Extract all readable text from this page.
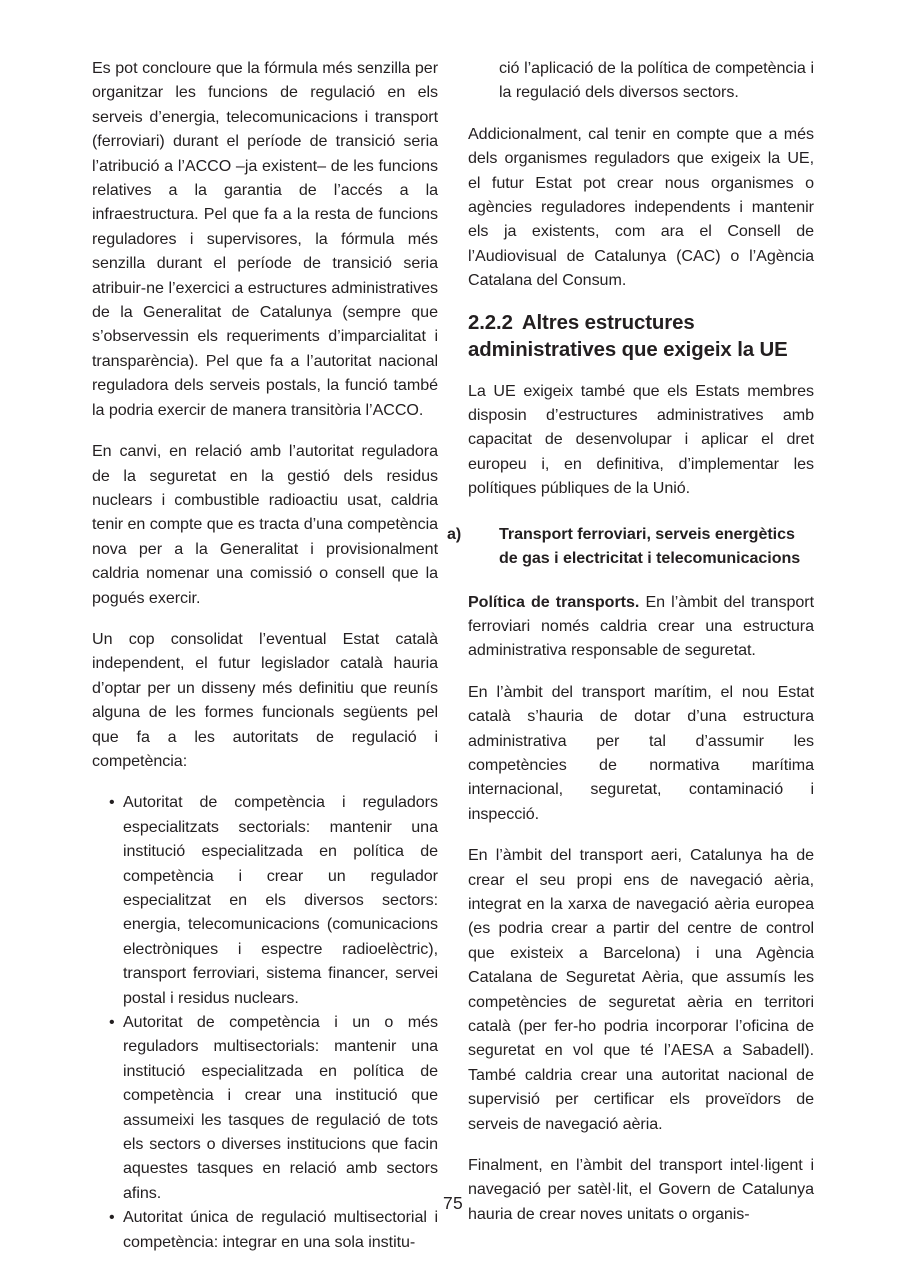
Es pot concloure que la fórmula més senzilla per organitzar les funcions de regulació en els serveis d’energia, telecomunicacions i transport (ferroviari) durant el període de transició seria l’atribució a l’ACCO –ja existent– de les funcions relatives a la garantia de l’accés a la infraestructura. Pel que fa a la resta de funcions reguladores i supervisores, la fórmula més senzilla durant el període de transició seria atribuir-ne l’exercici a estructures administratives de la Generalitat de Catalunya (sempre que s’observessin els requeriments d’imparcialitat i transparència). Pel que fa a l’autoritat nacional reguladora dels serveis postals, la funció també la podria exercir de manera transitòria l’ACCO.

En canvi, en relació amb l’autoritat reguladora de la seguretat en la gestió dels residus nuclears i combustible radioactiu usat, caldria tenir en compte que es tracta d’una competència nova per a la Generalitat i provisionalment caldria nomenar una comissió o consell que la pogués exercir.

Un cop consolidat l’eventual Estat català independent, el futur legislador català hauria d’optar per un disseny més definitiu que reunís alguna de les formes funcionals següents pel que fa a les autoritats de regulació i competència:

• Autoritat de competència i reguladors especialitzats sectorials: mantenir una institució especialitzada en política de competència i crear un regulador especialitzat en els diversos sectors: energia, telecomunicacions (comunicacions electròniques i espectre radioelèctric), transport ferroviari, sistema financer, servei postal i residus nuclears.
• Autoritat de competència i un o més reguladors multisectorials: mantenir una institució especialitzada en política de competència i crear una institució que assumeixi les tasques de regulació de tots els sectors o diverses institucions que facin aquestes tasques en relació amb sectors afins.
• Autoritat única de regulació multisectorial i competència: integrar en una sola institu-

ció l’aplicació de la política de competència i la regulació dels diversos sectors.

Addicionalment, cal tenir en compte que a més dels organismes reguladors que exigeix la UE, el futur Estat pot crear nous organismes o agències reguladores independents i mantenir els ja existents, com ara el Consell de l’Audiovisual de Catalunya (CAC) o l’Agència Catalana del Consum.

2.2.2 Altres estructures administratives que exigeix la UE

La UE exigeix també que els Estats membres disposin d’estructures administratives amb capacitat de desenvolupar i aplicar el dret europeu i, en definitiva, d’implementar les polítiques públiques de la Unió.

a) Transport ferroviari, serveis energètics de gas i electricitat i telecomunicacions

Política de transports. En l’àmbit del transport ferroviari només caldria crear una estructura administrativa responsable de seguretat.

En l’àmbit del transport marítim, el nou Estat català s’hauria de dotar d’una estructura administrativa per tal d’assumir les competències de normativa marítima internacional, seguretat, contaminació i inspecció.

En l’àmbit del transport aeri, Catalunya ha de crear el seu propi ens de navegació aèria, integrat en la xarxa de navegació aèria europea (es podria crear a partir del centre de control que existeix a Barcelona) i una Agència Catalana de Seguretat Aèria, que assumís les competències de seguretat aèria en territori català (per fer-ho podria incorporar l’oficina de seguretat en vol que té l’AESA a Sabadell). També caldria crear una autoritat nacional de supervisió per certificar els proveïdors de serveis de navegació aèria.

Finalment, en l’àmbit del transport intel·ligent i navegació per satèl·lit, el Govern de Catalunya hauria de crear noves unitats o organis-

75
